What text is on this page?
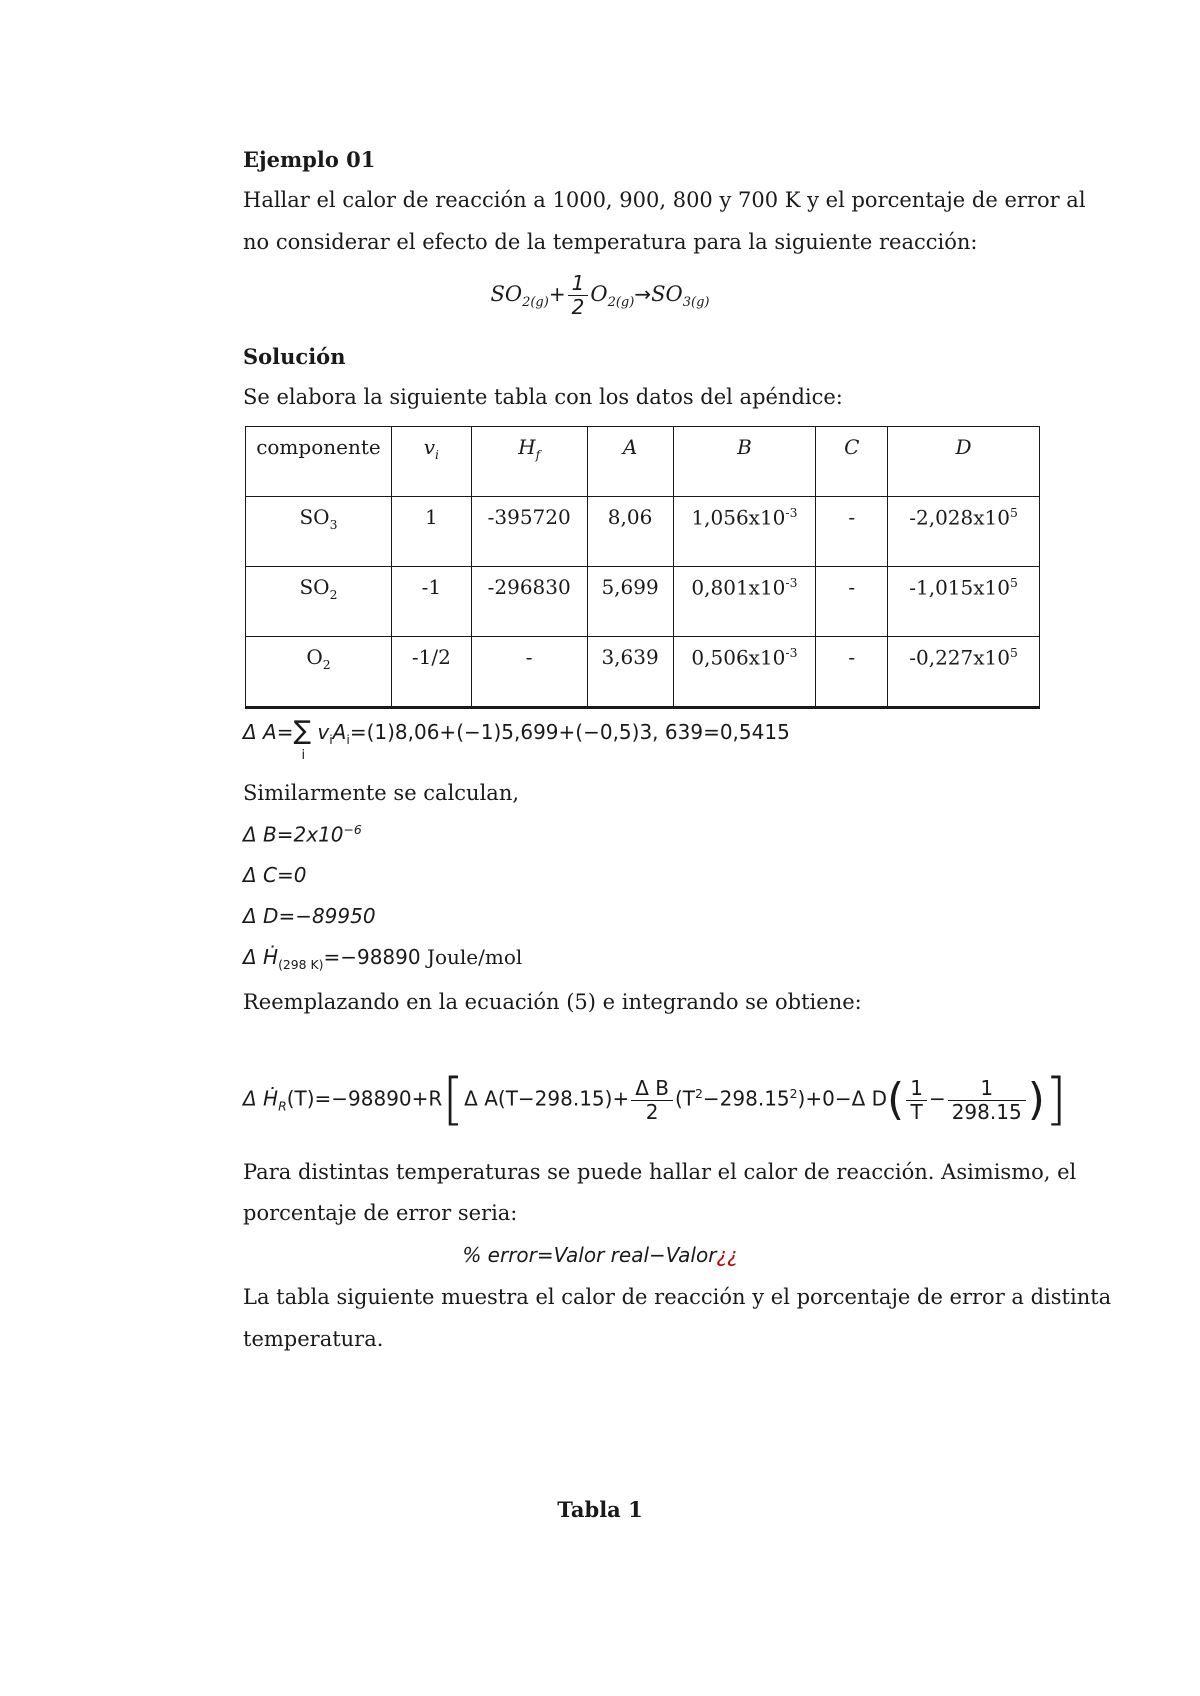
Ejemplo 01
Hallar el calor de reacción a 1000, 900, 800 y 700 K y el porcentaje de error al
no considerar el efecto de la temperatura para la siguiente reacción:
$SO_{2(g)}+ \frac{1}{2} O_{2(g)}\to SO_{3(g)}$
Solución
Se elabora la siguiente tabla con los datos del apéndice:
componente	$v_i$	$H_f$	A	B	C	D
$SO_3$	1	-395720	8,06	$1,056x10^{-3}$	-	$-2,028x10^5$
$SO_2$	-1	-296830	5,699	$0,801x10^{-3}$	-	$-1,015x10^5$
$O_2$	-1/2	-	3,639	$0,506x10^{-3}$	-	$-0,227x10^5$
Δ A=∑
i
$v_iA_i=(1)8,06+(-1)5,699+(-0,5)3$, 639=0,5415
Similarmente se calculan,
Δ $B=2x10^{-6}$
Δ C=0
Δ D=−89950
Δ Ḣ$_{(298 K)}$=−98890 Joule/mol
Reemplazando en la ecuación (5) e integrando se obtiene:
Δ Ḣ$_R$(T)=−98890+R[Δ $A(T-298.15)+ \frac{\text{Δ B}}{2} (T^2-298.15^2)+0-\Delta$ $D( \frac{1}{T} - \frac{1}{298.15}$ )]
Para distintas temperaturas se puede hallar el calor de reacción. Asimismo, el
porcentaje de error seria:
% error=Valor real−Valor¿¿
La tabla siguiente muestra el calor de reacción y el porcentaje de error a distinta
temperatura.
Tabla 1
